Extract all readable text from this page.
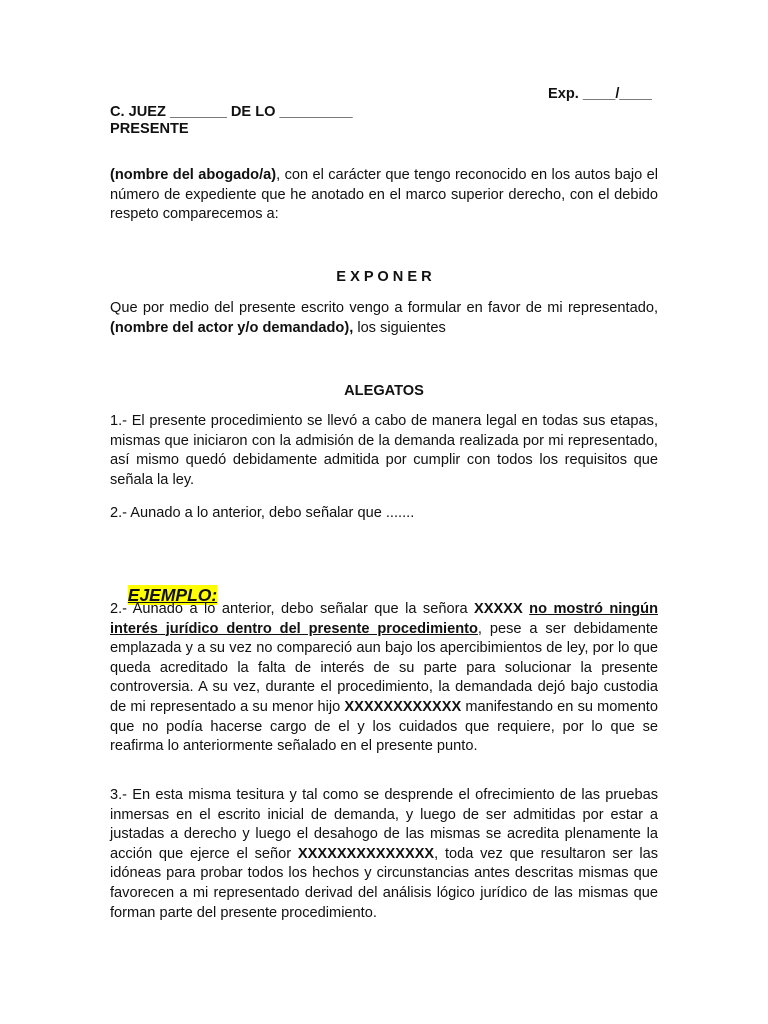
Exp. ____/____
C. JUEZ _______ DE LO _________
PRESENTE

(nombre del abogado/a), con el carácter que tengo reconocido en los autos bajo el número de expediente que he anotado en el marco superior derecho, con el debido respeto comparecemos a:

E X P O N E R

Que por medio del presente escrito vengo a formular en favor de mi representado, (nombre del actor y/o demandado), los siguientes

ALEGATOS

1.- El presente procedimiento se llevó a cabo de manera legal en todas sus etapas, mismas que iniciaron con la admisión de la demanda realizada por mi representado, así mismo quedó debidamente admitida por cumplir con todos los requisitos que señala la ley.

2.- Aunado a lo anterior, debo señalar que .......

EJEMPLO:

2.- Aunado a lo anterior, debo señalar que la señora XXXXX no mostró ningún interés jurídico dentro del presente procedimiento, pese a ser debidamente emplazada y a su vez no compareció aun bajo los apercibimientos de ley, por lo que queda acreditado la falta de interés de su parte para solucionar la presente controversia. A su vez, durante el procedimiento, la demandada dejó bajo custodia de mi representado a su menor hijo XXXXXXXXXXXX manifestando en su momento que no podía hacerse cargo de el y los cuidados que requiere, por lo que se reafirma lo anteriormente señalado en el presente punto.

3.- En esta misma tesitura y tal como se desprende el ofrecimiento de las pruebas inmersas en el escrito inicial de demanda, y luego de ser admitidas por estar a justadas a derecho y luego el desahogo de las mismas se acredita plenamente la acción que ejerce el señor XXXXXXXXXXXXXX, toda vez que resultaron ser las idóneas para probar todos los hechos y circunstancias antes descritas mismas que favorecen a mi representado derivad del análisis lógico jurídico de las mismas que forman parte del presente procedimiento.
